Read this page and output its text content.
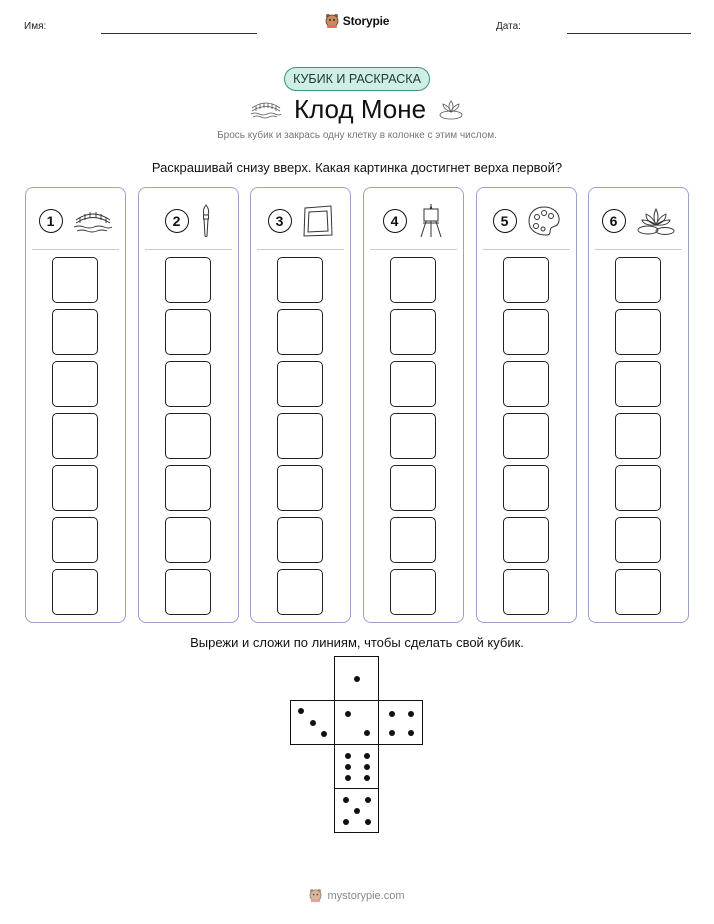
Имя:	Storypie	Дата:
КУБИК И РАСКРАСКА
Клод Моне
Брось кубик и закрась одну клетку в колонке с этим числом.
Раскрашивай снизу вверх. Какая картинка достигнет верха первой?
1	2	3	4	5	6
Вырежи и сложи по линиям, чтобы сделать свой кубик.
mystorypie.com
